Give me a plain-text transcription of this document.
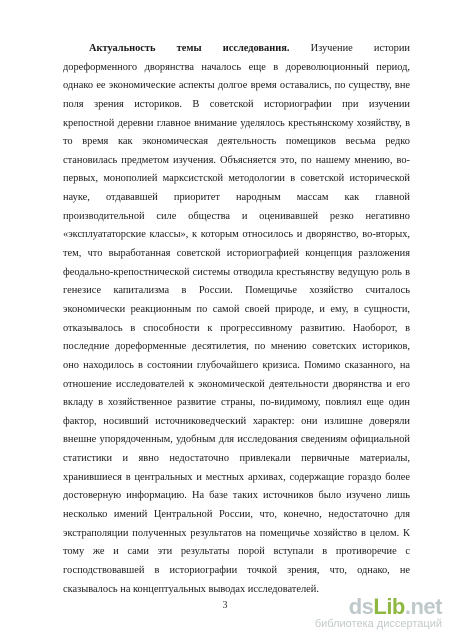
Актуальность темы исследования. Изучение истории
дореформенного дворянства началось еще в дореволюционный период,
однако ее экономические аспекты долгое время оставались, по существу, вне
поля зрения историков. В советской историографии при изучении
крепостной деревни главное внимание уделялось крестьянскому хозяйству, в
то время как экономическая деятельность помещиков весьма редко
становилась предметом изучения. Объясняется это, по нашему мнению, во-
первых, монополией марксистской методологии в советской исторической
науке, отдававшей приоритет народным массам как главной
производительной силе общества и оценивавшей резко негативно
«эксплуататорские классы», к которым относилось и дворянство, во-вторых,
тем, что выработанная советской историографией концепция разложения
феодально-крепостнической системы отводила крестьянству ведущую роль в
генезисе капитализма в России. Помещичье хозяйство считалось
экономически реакционным по самой своей природе, и ему, в сущности,
отказывалось в способности к прогрессивному развитию. Наоборот, в
последние дореформенные десятилетия, по мнению советских историков,
оно находилось в состоянии глубочайшего кризиса. Помимо сказанного, на
отношение исследователей к экономической деятельности дворянства и его
вкладу в хозяйственное развитие страны, по-видимому, повлиял еще один
фактор, носивший источниковедческий характер: они излишне доверяли
внешне упорядоченным, удобным для исследования сведениям официальной
статистики и явно недостаточно привлекали первичные материалы,
хранившиеся в центральных и местных архивах, содержащие гораздо более
достоверную информацию. На базе таких источников было изучено лишь
несколько имений Центральной России, что, конечно, недостаточно для
экстраполяции полученных результатов на помещичье хозяйство в целом. К
тому же и сами эти результаты порой вступали в противоречие с
господствовавшей в историографии точкой зрения, что, однако, не
сказывалось на концептуальных выводах исследователей.
3	dsLib.net
библиотека диссертаций
